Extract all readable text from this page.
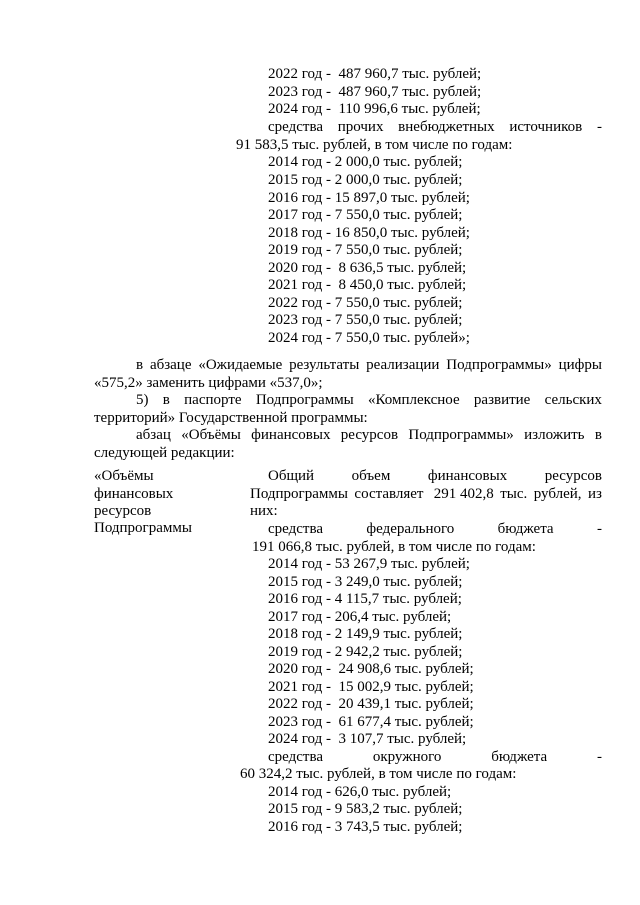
2022 год -  487 960,7 тыс. рублей;
2023 год -  487 960,7 тыс. рублей;
2024 год -  110 996,6 тыс. рублей;
средства прочих внебюджетных источников -
91 583,5 тыс. рублей, в том числе по годам:
2014 год - 2 000,0 тыс. рублей;
2015 год - 2 000,0 тыс. рублей;
2016 год - 15 897,0 тыс. рублей;
2017 год - 7 550,0 тыс. рублей;
2018 год - 16 850,0 тыс. рублей;
2019 год - 7 550,0 тыс. рублей;
2020 год -  8 636,5 тыс. рублей;
2021 год -  8 450,0 тыс. рублей;
2022 год - 7 550,0 тыс. рублей;
2023 год - 7 550,0 тыс. рублей;
2024 год - 7 550,0 тыс. рублей»;
в абзаце «Ожидаемые результаты реализации Подпрограммы» цифры
«575,2» заменить цифрами «537,0»;
5) в паспорте Подпрограммы «Комплексное развитие сельских
территорий» Государственной программы:
абзац «Объёмы финансовых ресурсов Подпрограммы» изложить в
следующей редакции:
«Объёмы
финансовых
ресурсов
Подпрограммы
Общий	объем	финансовых	ресурсов
Подпрограммы составляет 291 402,8 тыс. рублей, из
них:
средства	федерального	бюджета	-
191 066,8 тыс. рублей, в том числе по годам:
2014 год - 53 267,9 тыс. рублей;
2015 год - 3 249,0 тыс. рублей;
2016 год - 4 115,7 тыс. рублей;
2017 год - 206,4 тыс. рублей;
2018 год - 2 149,9 тыс. рублей;
2019 год - 2 942,2 тыс. рублей;
2020 год -  24 908,6 тыс. рублей;
2021 год -  15 002,9 тыс. рублей;
2022 год -  20 439,1 тыс. рублей;
2023 год -  61 677,4 тыс. рублей;
2024 год -  3 107,7 тыс. рублей;
средства	окружного	бюджета	-
60 324,2 тыс. рублей, в том числе по годам:
2014 год - 626,0 тыс. рублей;
2015 год - 9 583,2 тыс. рублей;
2016 год - 3 743,5 тыс. рублей;
